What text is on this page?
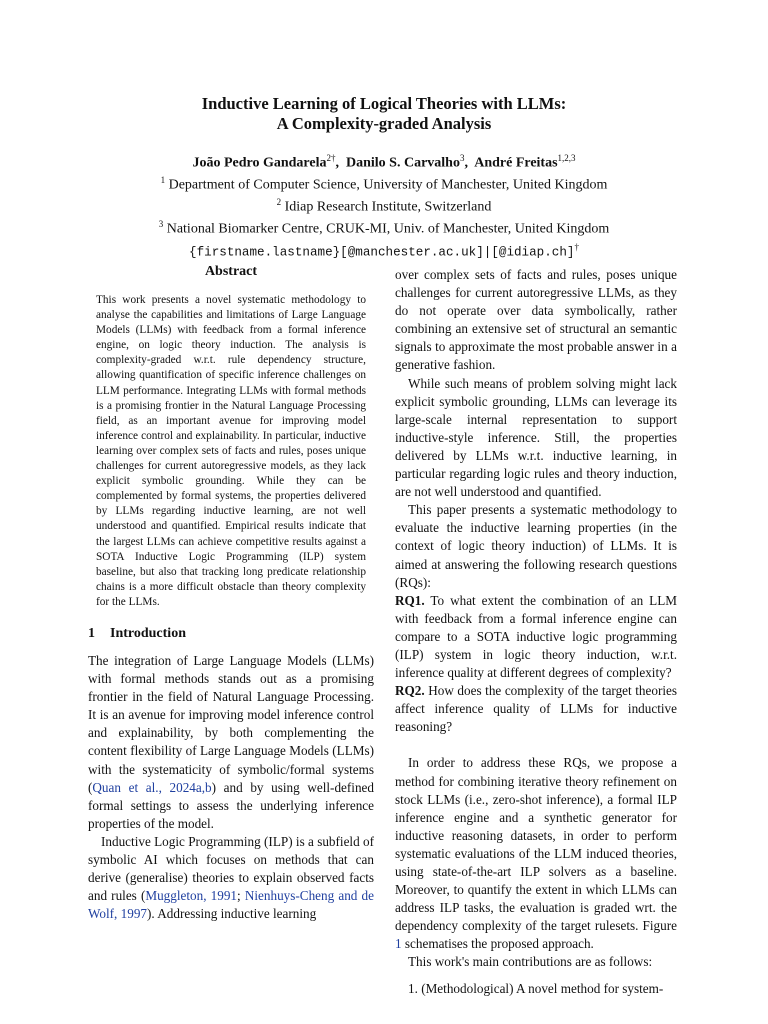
Inductive Learning of Logical Theories with LLMs:
A Complexity-graded Analysis
João Pedro Gandarela$^{2\dagger}$,  Danilo S. Carvalho$^3$,  André Freitas$^{1,2,3}$
$^1$ Department of Computer Science, University of Manchester, United Kingdom
$^2$ Idiap Research Institute, Switzerland
$^3$ National Biomarker Centre, CRUK-MI, Univ. of Manchester, United Kingdom
{firstname.lastname}[@manchester.ac.uk]|[@idiap.ch]†
Abstract
This work presents a novel systematic methodology to analyse the capabilities and limitations of Large Language Models (LLMs) with feedback from a formal inference engine, on logic theory induction. The analysis is complexity-graded w.r.t. rule dependency structure, allowing quantification of specific inference challenges on LLM performance. Integrating LLMs with formal methods is a promising frontier in the Natural Language Processing field, as an important avenue for improving model inference control and explainability. In particular, inductive learning over complex sets of facts and rules, poses unique challenges for current autoregressive models, as they lack explicit symbolic grounding. While they can be complemented by formal systems, the properties delivered by LLMs regarding inductive learning, are not well understood and quantified. Empirical results indicate that the largest LLMs can achieve competitive results against a SOTA Inductive Logic Programming (ILP) system baseline, but also that tracking long predicate relationship chains is a more difficult obstacle than theory complexity for the LLMs.
1 Introduction

The integration of Large Language Models (LLMs) with formal methods stands out as a promising frontier in the field of Natural Language Processing. It is an avenue for improving model inference control and explainability, by both complementing the content flexibility of Large Language Models (LLMs) with the systematicity of symbolic/formal systems (Quan et al., 2024a,b) and by using well-defined formal settings to assess the underlying inference properties of the model.

Inductive Logic Programming (ILP) is a subfield of symbolic AI which focuses on methods that can derive (generalise) theories to explain observed facts and rules (Muggleton, 1991; Nienhuys-Cheng and de Wolf, 1997). Addressing inductive learning

over complex sets of facts and rules, poses unique challenges for current autoregressive LLMs, as they do not operate over data symbolically, rather combining an extensive set of structural an semantic signals to approximate the most probable answer in a generative fashion.

While such means of problem solving might lack explicit symbolic grounding, LLMs can leverage its large-scale internal representation to support inductive-style inference. Still, the properties delivered by LLMs w.r.t. inductive learning, in particular regarding logic rules and theory induction, are not well understood and quantified.

This paper presents a systematic methodology to evaluate the inductive learning properties (in the context of logic theory induction) of LLMs. It is aimed at answering the following research questions (RQs):

RQ1. To what extent the combination of an LLM with feedback from a formal inference engine can compare to a SOTA inductive logic programming (ILP) system in logic theory induction, w.r.t. inference quality at different degrees of complexity?

RQ2. How does the complexity of the target theories affect inference quality of LLMs for inductive reasoning?

In order to address these RQs, we propose a method for combining iterative theory refinement on stock LLMs (i.e., zero-shot inference), a formal ILP inference engine and a synthetic generator for inductive reasoning datasets, in order to perform systematic evaluations of the LLM induced theories, using state-of-the-art ILP solvers as a baseline. Moreover, to quantify the extent in which LLMs can address ILP tasks, the evaluation is graded wrt. the dependency complexity of the target rulesets. Figure 1 schematises the proposed approach.

This work's main contributions are as follows:

1. (Methodological) A novel method for system-
